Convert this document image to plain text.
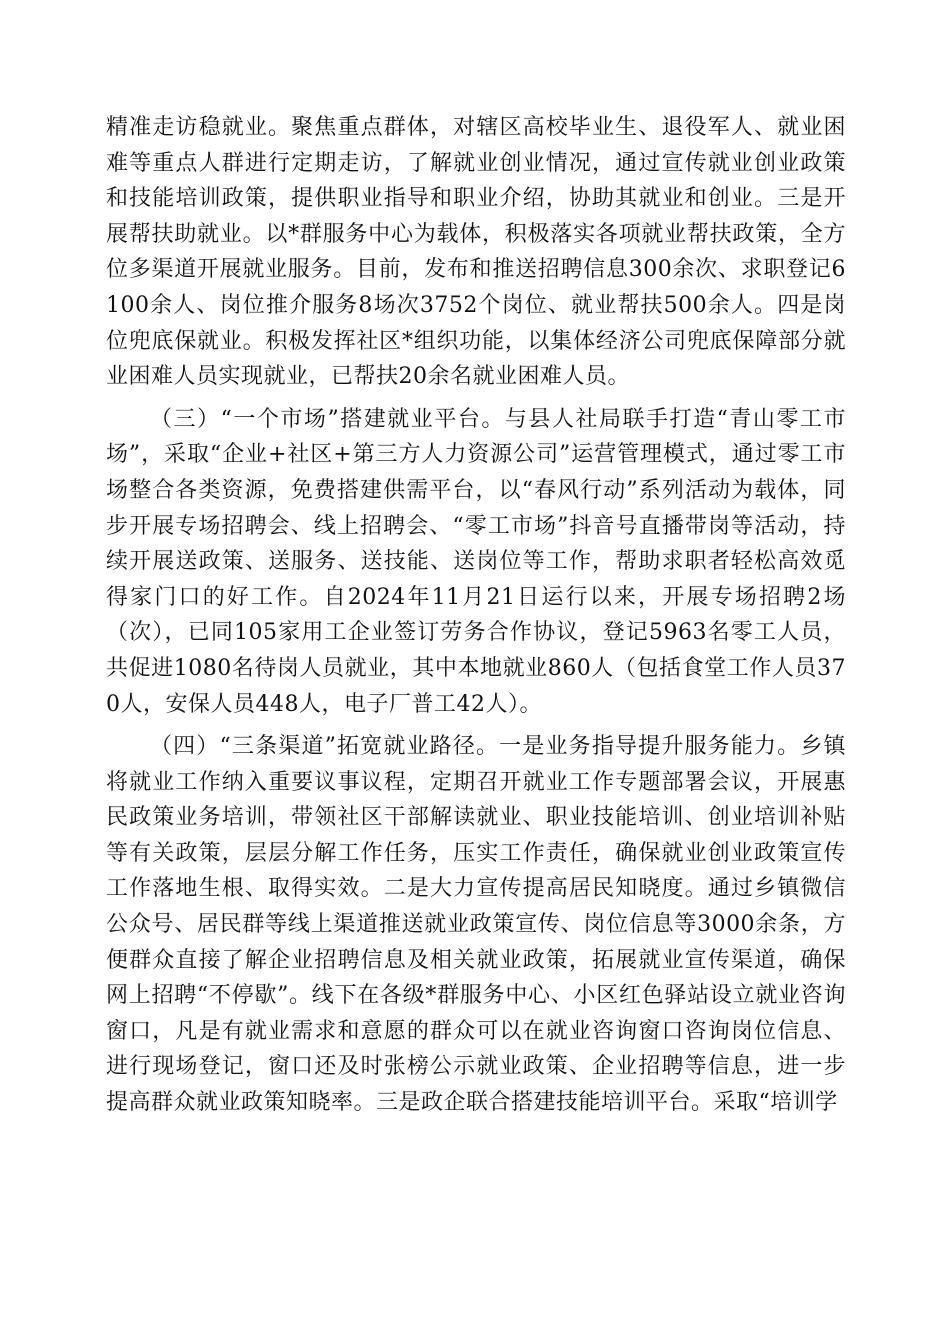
精准走访稳就业。聚焦重点群体，对辖区高校毕业生、退役军人、就业困难等重点人群进行定期走访，了解就业创业情况，通过宣传就业创业政策和技能培训政策，提供职业指导和职业介绍，协助其就业和创业。三是开展帮扶助就业。以*群服务中心为载体，积极落实各项就业帮扶政策，全方位多渠道开展就业服务。目前，发布和推送招聘信息300余次、求职登记6100余人、岗位推介服务8场次3752个岗位、就业帮扶500余人。四是岗位兜底保就业。积极发挥社区*组织功能，以集体经济公司兜底保障部分就业困难人员实现就业，已帮扶20余名就业困难人员。

（三）“一个市场”搭建就业平台。与县人社局联手打造“青山零工市场”，采取“企业+社区+第三方人力资源公司”运营管理模式，通过零工市场整合各类资源，免费搭建供需平台，以“春风行动”系列活动为载体，同步开展专场招聘会、线上招聘会、“零工市场”抖音号直播带岗等活动，持续开展送政策、送服务、送技能、送岗位等工作，帮助求职者轻松高效觅得家门口的好工作。自2024年11月21日运行以来，开展专场招聘2场（次），已同105家用工企业签订劳务合作协议，登记5963名零工人员，共促进1080名待岗人员就业，其中本地就业860人（包括食堂工作人员370人，安保人员448人，电子厂普工42人）。

（四）“三条渠道”拓宽就业路径。一是业务指导提升服务能力。乡镇将就业工作纳入重要议事议程，定期召开就业工作专题部署会议，开展惠民政策业务培训，带领社区干部解读就业、职业技能培训、创业培训补贴等有关政策，层层分解工作任务，压实工作责任，确保就业创业政策宣传工作落地生根、取得实效。二是大力宣传提高居民知晓度。通过乡镇微信公众号、居民群等线上渠道推送就业政策宣传、岗位信息等3000余条，方便群众直接了解企业招聘信息及相关就业政策，拓展就业宣传渠道，确保网上招聘“不停歇”。线下在各级*群服务中心、小区红色驿站设立就业咨询窗口，凡是有就业需求和意愿的群众可以在就业咨询窗口咨询岗位信息、进行现场登记，窗口还及时张榜公示就业政策、企业招聘等信息，进一步提高群众就业政策知晓率。三是政企联合搭建技能培训平台。采取“培训学
